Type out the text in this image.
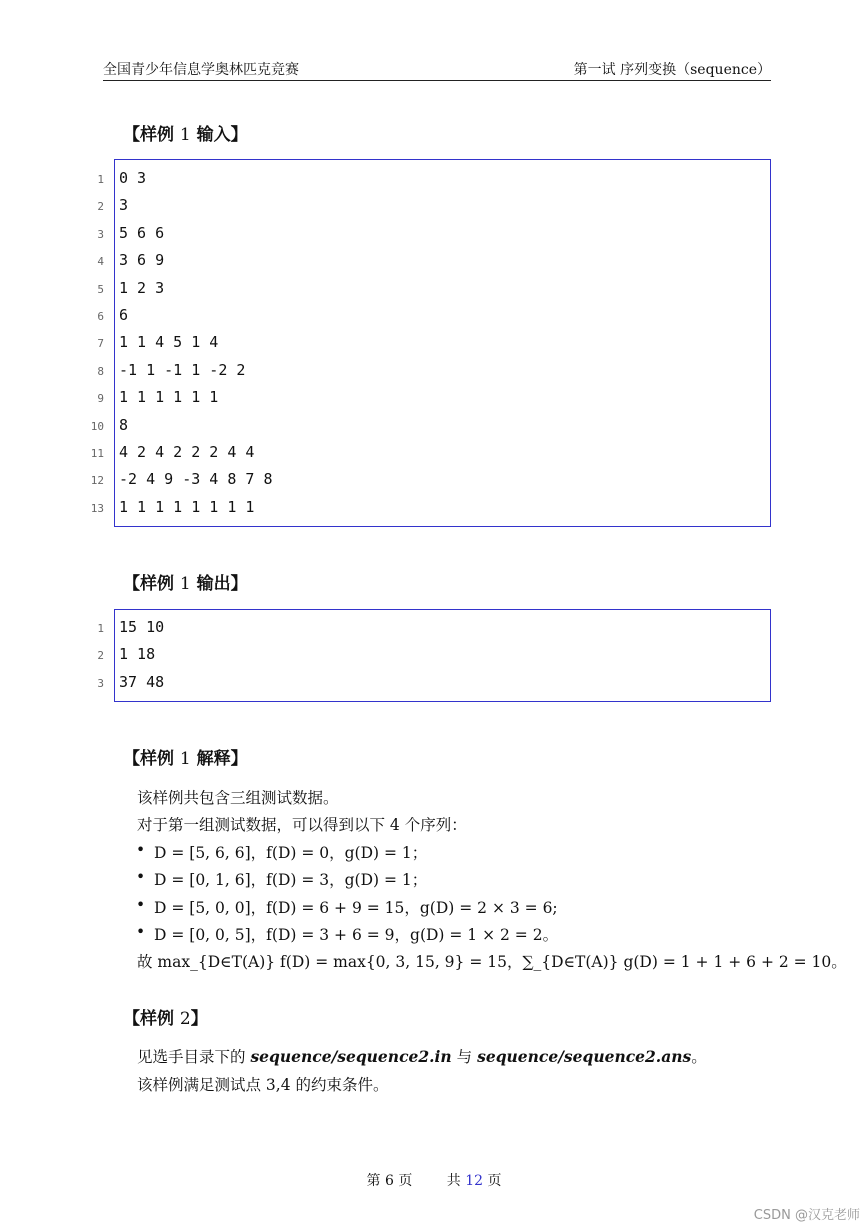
全国青少年信息学奥林匹克竞赛	第一试 序列变换（sequence）
【样例 1 输入】
1 0 3
2 3
3 5 6 6
4 3 6 9
5 1 2 3
6 6
7 1 1 4 5 1 4
8 -1 1 -1 1 -2 2
9 1 1 1 1 1 1
10 8
11 4 2 4 2 2 2 4 4
12 -2 4 9 -3 4 8 7 8
13 1 1 1 1 1 1 1 1
【样例 1 输出】
1 15 10
2 1 18
3 37 48
【样例 1 解释】
该样例共包含三组测试数据。
对于第一组测试数据，可以得到以下 4 个序列：
• D = [5, 6, 6]，f(D) = 0，g(D) = 1；
• D = [0, 1, 6]，f(D) = 3，g(D) = 1；
• D = [5, 0, 0]，f(D) = 6 + 9 = 15，g(D) = 2 × 3 = 6;
• D = [0, 0, 5]，f(D) = 3 + 6 = 9，g(D) = 1 × 2 = 2。
故 max_{D∈T(A)} f(D) = max{0, 3, 15, 9} = 15，∑_{D∈T(A)} g(D) = 1 + 1 + 6 + 2 = 10。
【样例 2】
见选手目录下的 sequence/sequence2.in 与 sequence/sequence2.ans。
该样例满足测试点 3,4 的约束条件。
第 6 页 共 12 页
CSDN @汉克老师
